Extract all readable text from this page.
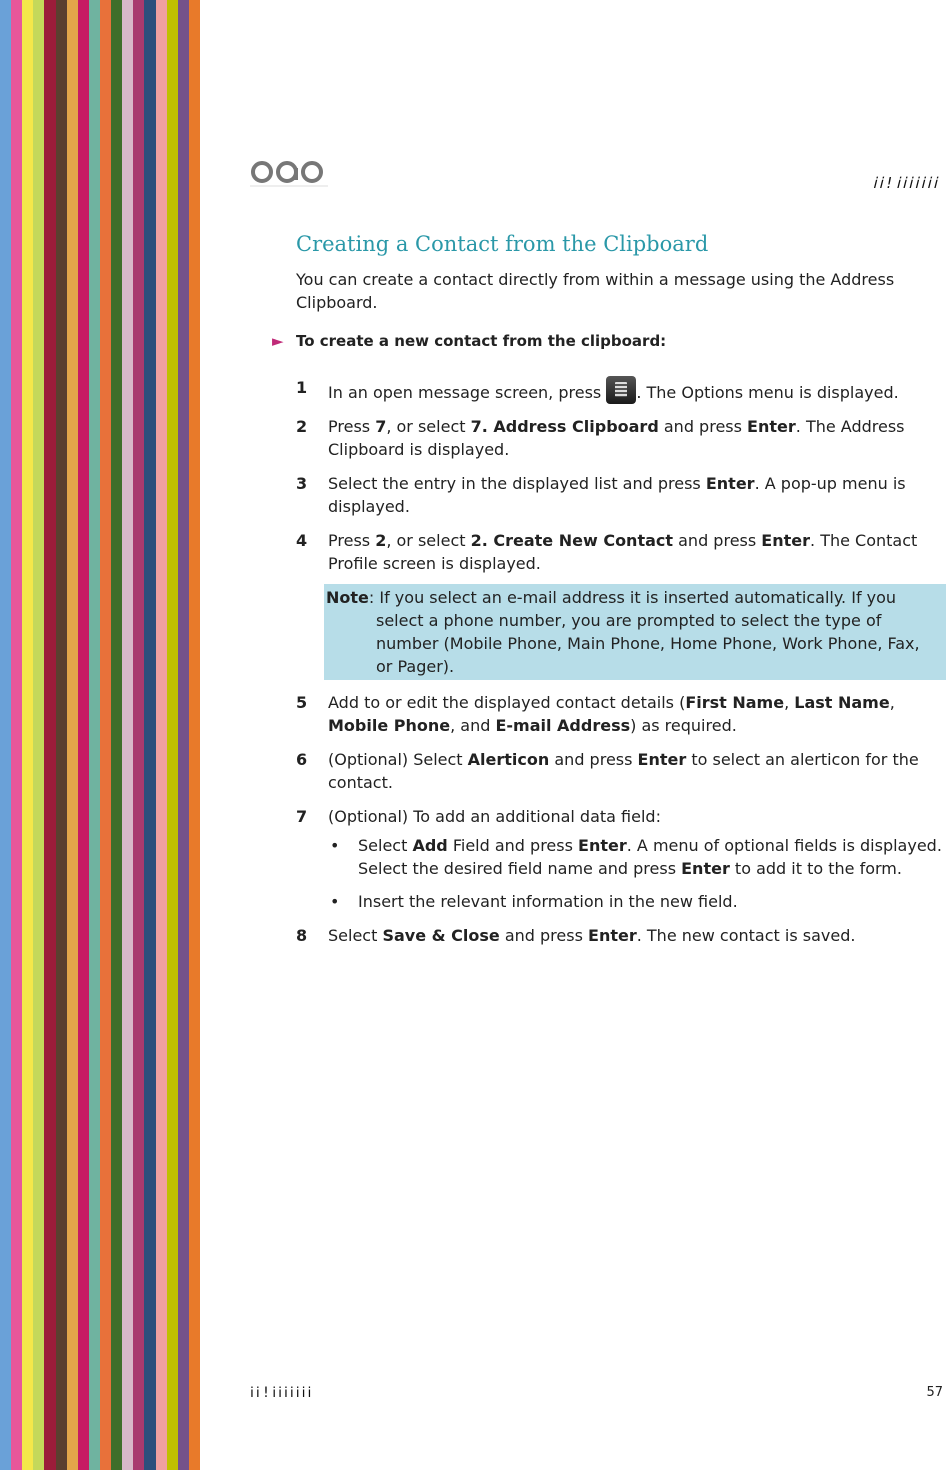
ⅰⅰ!ⅰⅰⅰⅰⅰⅰⅰ
Creating a Contact from the Clipboard

You can create a contact directly from within a message using the Address Clipboard.

► To create a new contact from the clipboard:
1 In an open message screen, press . The Options menu is displayed.
2 Press 7, or select 7. Address Clipboard and press Enter. The Address Clipboard is displayed.
3 Select the entry in the displayed list and press Enter. A pop-up menu is displayed.
4 Press 2, or select 2. Create New Contact and press Enter. The Contact Profile screen is displayed.
Note: If you select an e-mail address it is inserted automatically. If you select a phone number, you are prompted to select the type of number (Mobile Phone, Main Phone, Home Phone, Work Phone, Fax, or Pager).
5 Add to or edit the displayed contact details (First Name, Last Name, Mobile Phone, and E-mail Address) as required.
6 (Optional) Select Alerticon and press Enter to select an alerticon for the contact.
7 (Optional) To add an additional data field:
• Select Add Field and press Enter. A menu of optional fields is displayed. Select the desired field name and press Enter to add it to the form.
• Insert the relevant information in the new field.
8 Select Save & Close and press Enter. The new contact is saved.
ⅰⅰ!ⅰⅰⅰⅰⅰⅰⅰ	57
